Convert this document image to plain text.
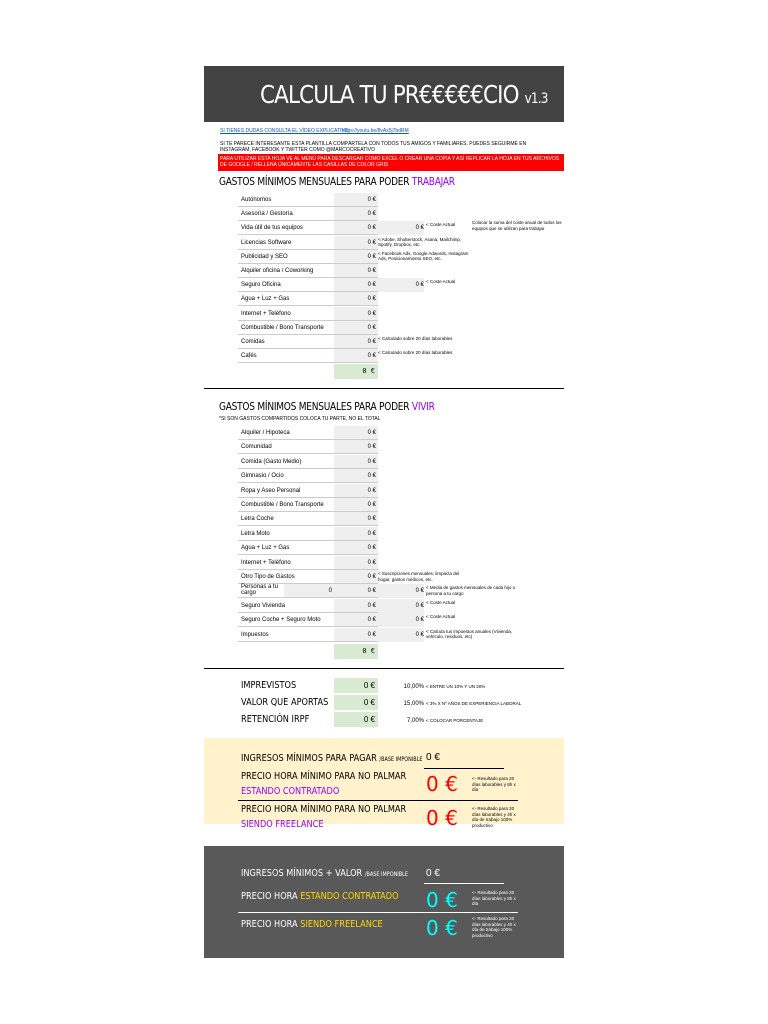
CALCULA TU PR€€€€€CIO v1.3
SI TIENES DUDAS CONSULTA EL VÍDEO EXPLICATIVO:
https://youtu.be/8vAx5j7bdRM
SI TE PARECE INTERESANTE ESTA PLANTILLA COMPÁRTELA CON TODOS TUS AMIGOS Y FAMILIARES. PUEDES SEGUIRME EN INSTAGRAM, FACEBOOK Y TWITTER COMO @MARCOCREATIVO
PARA UTILIZAR ESTA HOJA VE AL MENÚ PARA DESCARGAR COMO EXCEL O CREAR UNA COPIA Y ASÍ REPLICAR LA HOJA EN TUS ARCHIVOS DE GOOGLE / RELLENA ÚNICAMENTE LAS CASILLAS DE COLOR GRIS
GASTOS MÍNIMOS MENSUALES PARA PODER TRABAJAR
Autónomos	0 €
Asesoría / Gestoría	0 €
Vida útil de tus equipos	0 €	0 €
< Coste Actual
Licencias Software	0 €
< Adobe, Shutterstock, Asana, Mailchimp, Spotify, Dropbox, etc.
Publicidad y SEO	0 €
< Facebook Ads, Google Adwords, Instagram Ads, Posicionamiento SEO, etc.
Alquiler oficina / Coworking	0 €
Seguro Oficina	0 €	0 €
< Coste Actual
Agua + Luz + Gas	0 €
Internet + Teléfono	0 €
Combustible / Bono Transporte	0 €
Comidas	0 €
< Calculado sobre 20 días laborables
Cafés	0 €
< Calculado sobre 20 días laborables
Colocar la suma del coste anual de todos los equipos que se utilizan para trabajar
0 €
GASTOS MÍNIMOS MENSUALES PARA PODER VIVIR
*SI SON GASTOS COMPARTIDOS COLOCA TU PARTE, NO EL TOTAL
Alquiler / Hipoteca	0 €
Comunidad	0 €
Comida (Gasto Medio)	0 €
Gimnasio / Ocio	0 €
Ropa y Aseo Personal	0 €
Combustible / Bono Transporte	0 €
Letra Coche	0 €
Letra Moto	0 €
Agua + Luz + Gas	0 €
Internet + Teléfono	0 €
Otro Tipo de Gastos	0 €
< Suscripciones mensuales, limpieza del hogar, gastos médicos, etc.
Personas a tu cargo	0	0 €	0 €
< Media de gastos mensuales de cada hijo o persona a tu cargo
Seguro Vivienda	0 €	0 €
< Coste Actual
Seguro Coche + Seguro Moto	0 €	0 €
< Coste Actual
Impuestos	0 €	0 €
< Calcula tus impuestos anuales (Vivienda, vehículo, residuos, etc)
0 €
IMPREVISTOS	0 €	10,00% < ENTRE UN 10% Y UN 20%
VALOR QUE APORTAS	0 €	15,00% < 3% X Nº AÑOS DE EXPERIENCIA LABORAL
RETENCIÓN IRPF	0 €	7,00% < COLOCAR PORCENTAJE
INGRESOS MÍNIMOS PARA PAGAR /BASE IMPONIBLE 0 €
PRECIO HORA MÍNIMO PARA NO PALMAR
ESTANDO CONTRATADO	0 €	<- Resultado para 20 días laborables y 8h x día
PRECIO HORA MÍNIMO PARA NO PALMAR
SIENDO FREELANCE	0 €	<- Resultado para 20 días laborables y 4h x día de trabajo 100% productivo
INGRESOS MÍNIMOS + VALOR /BASE IMPONIBLE 0 €
PRECIO HORA ESTANDO CONTRATADO 0 €	<- Resultado para 20 días laborables y 8h x día
PRECIO HORA SIENDO FREELANCE 0 €	<- Resultado para 20 días laborables y 4h x día de trabajo 100% productivo
